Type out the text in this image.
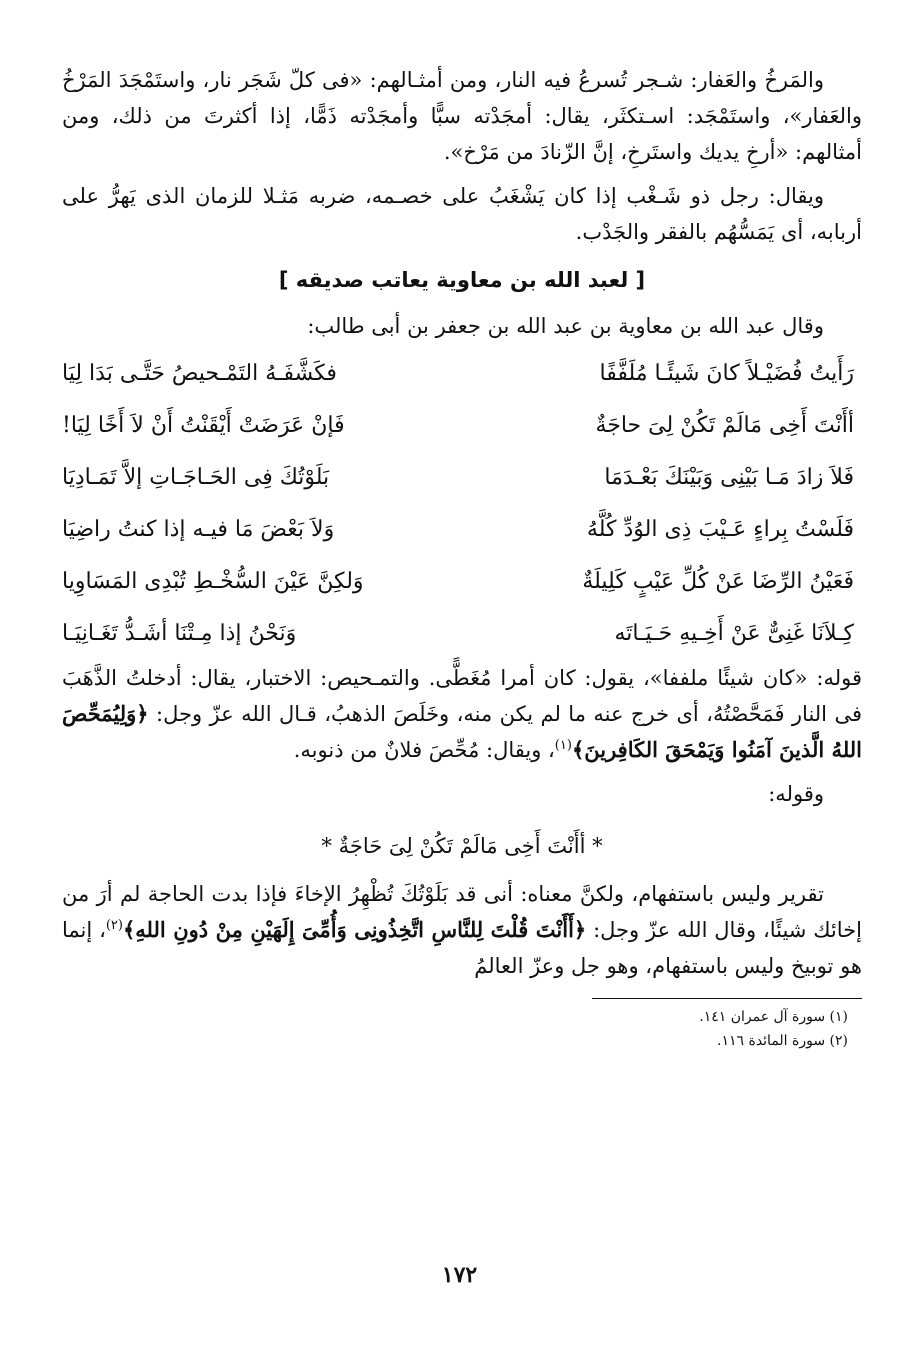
والمَرخُ والعَفار: شـجر تُسرعُ فيه النار، ومن أمثـالهم: «فى كلّ شَجَر نار، واستَمْجَدَ المَرْخُ والعَفار»، واستَمْجَد: اسـتكثَر، يقال: أمجَدْته سبًّا وأمجَدْته ذَمًّا، إذا أكثرتَ من ذلك، ومن أمثالهم: «أرخِ يديك واستَرخِ، إنَّ الزّنادَ من مَرْخ».

ويقال: رجل ذو شَـغْب إذا كان يَشْغَبُ على خصـمه، ضربه مَثـلا للزمان الذى يَهرُّ على أربابه، أى يَمَسُّهُم بالفقر والجَدْب.

[ لعبد الله بن معاوية يعاتب صديقه ]

وقال عبد الله بن معاوية بن عبد الله بن جعفر بن أبى طالب:

رَأَيتُ فُضَيْـلاً كانَ شَيئًـا مُلَفَّفًا
فكَشَّفَـهُ التَمْـحيصُ حَتَّـى بَدَا لِيَا
أأَنْتَ أَخِى مَالَمْ تَكُنْ لِىَ حاجَةٌ
فَإنْ عَرَضَتْ أَيْقَنْتُ أَنْ لاَ أَخًا لِيَا!
فَلاَ زادَ مَـا بَيْنِى وَبَيْنَكَ بَعْـدَمَا
بَلَوْتُكَ فِى الحَـاجَـاتِ إلاَّ تَمَـادِيَا
فَلَسْتُ بِراءٍ عَـيْبَ ذِى الوُدِّ كُلَّهُ
وَلاَ بَعْضَ مَا فيـه إذا كنتُ راضِيَا
فَعَيْنُ الرِّضَا عَنْ كُلِّ عَيْبٍ كَلِيلَةٌ
وَلكِنَّ عَيْنَ السُّخْـطِ تُبْدِى المَسَاوِيا
كِـلاَنَا غَنِىٌّ عَنْ أَخِـيهِ حَـيَـاتَه
وَنَحْنُ إذا مِـتْنَا أشَـدُّ تَغَـانِيَـا

قوله: «كان شيئًا ملففا»، يقول: كان أمرا مُغَطًّى. والتمـحيص: الاختبار، يقال: أدخلتُ الذَّهَبَ فى النار فَمَحَّصْتُهُ، أى خرج عنه ما لم يكن منه، وخَلَصَ الذهبُ، قـال الله عزّ وجل: ﴿وَلِيُمَحِّصَ اللهُ الَّذينَ آمَنُوا وَيَمْحَقَ الكَافِرينَ﴾$^{(١)}$، ويقال: مُحِّصَ فلانٌ من ذنوبه.

وقوله:

* أأَنْتَ أَخِى مَالَمْ تَكُنْ لِىَ حَاجَةٌ *

تقرير وليس باستفهام، ولكنَّ معناه: أنى قد بَلَوْتُكَ تُظْهِرُ الإخاءَ فإذا بدت الحاجة لم أرَ من إخائك شيئًا، وقال الله عزّ وجل: ﴿أَأَنْتَ قُلْتَ لِلنَّاسِ اتَّخِذُونِى وَأُمِّىَ إِلَهَيْنِ مِنْ دُونِ اللهِ﴾$^{(٢)}$، إنما هو توبيخ وليس باستفهام، وهو جل وعزّ العالمُ

(١) سورة آل عمران ١٤١.

(٢) سورة المائدة ١١٦.

١٧٢
